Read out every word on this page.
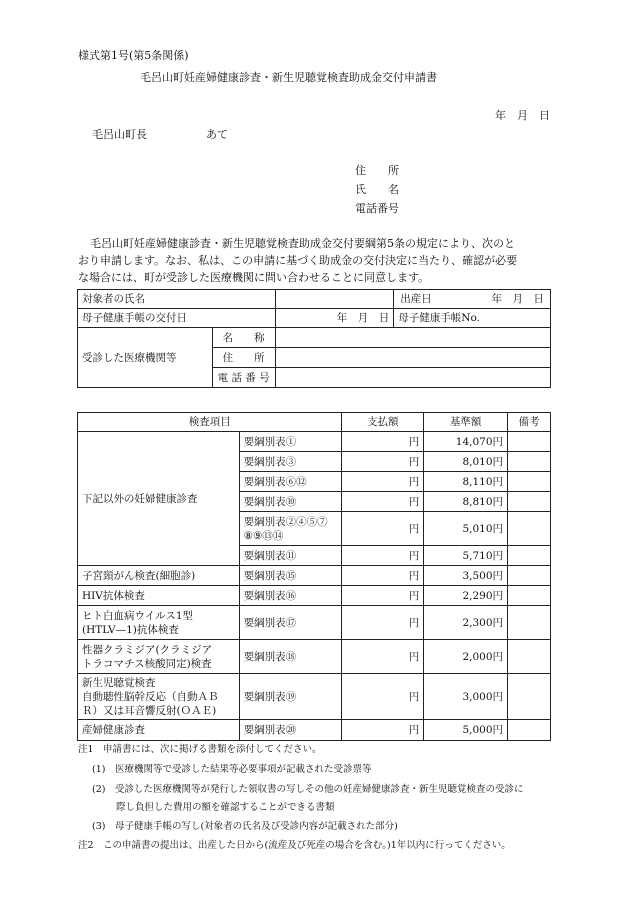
様式第1号(第5条関係)
毛呂山町妊産婦健康診査・新生児聴覚検査助成金交付申請書
年　月　日
毛呂山町長	あて
住　　所
氏　　名
電話番号
毛呂山町妊産婦健康診査・新生児聴覚検査助成金交付要綱第5条の規定により、次のと
おり申請します。なお、私は、この申請に基づく助成金の交付決定に当たり、確認が必要
な場合には、町が受診した医療機関に問い合わせることに同意します。
対象者の氏名			出産日 年　月　日

母子健康手帳の交付日		年　月　日	母子健康手帳No.
受診した医療機関等	名　　称		
	住　　所		
	電 話 番 号		
検査項目		支払額	基準額	備考
下記以外の妊婦健康診査	要綱別表①	円	14,070円	
	要綱別表③	円	8,010円	
	要綱別表⑥⑫	円	8,110円	
	要綱別表⑩	円	8,810円	

	要綱別表②④⑤⑦
⑧⑨⑬⑭	円	5,010円	
	要綱別表⑪	円	5,710円	
子宮頸がん検査(細胞診)	要綱別表⑮	円	3,500円	
HIV抗体検査	要綱別表⑯	円	2,290円	

ヒト白血病ウイルス1型
(HTLV—1)抗体検査	要綱別表⑰	円	2,300円	

性器クラミジア(クラミジア
トラコマチス核酸同定)検査	要綱別表⑱	円	2,000円	

新生児聴覚検査
自動聴性脳幹反応（自動ＡＢ
Ｒ）又は耳音響反射(ＯＡＥ)	要綱別表⑲	円	3,000円	
産婦健康診査	要綱別表⑳	円	5,000円	
注1　申請書には、次に掲げる書類を添付してください。
(1)　医療機関等で受診した結果等必要事項が記載された受診票等
(2)　受診した医療機関等が発行した領収書の写しその他の妊産婦健康診査・新生児聴覚検査の受診に
際し負担した費用の額を確認することができる書類
(3)　母子健康手帳の写し(対象者の氏名及び受診内容が記載された部分)
注2　この申請書の提出は、出産した日から(流産及び死産の場合を含む。)1年以内に行ってください。
